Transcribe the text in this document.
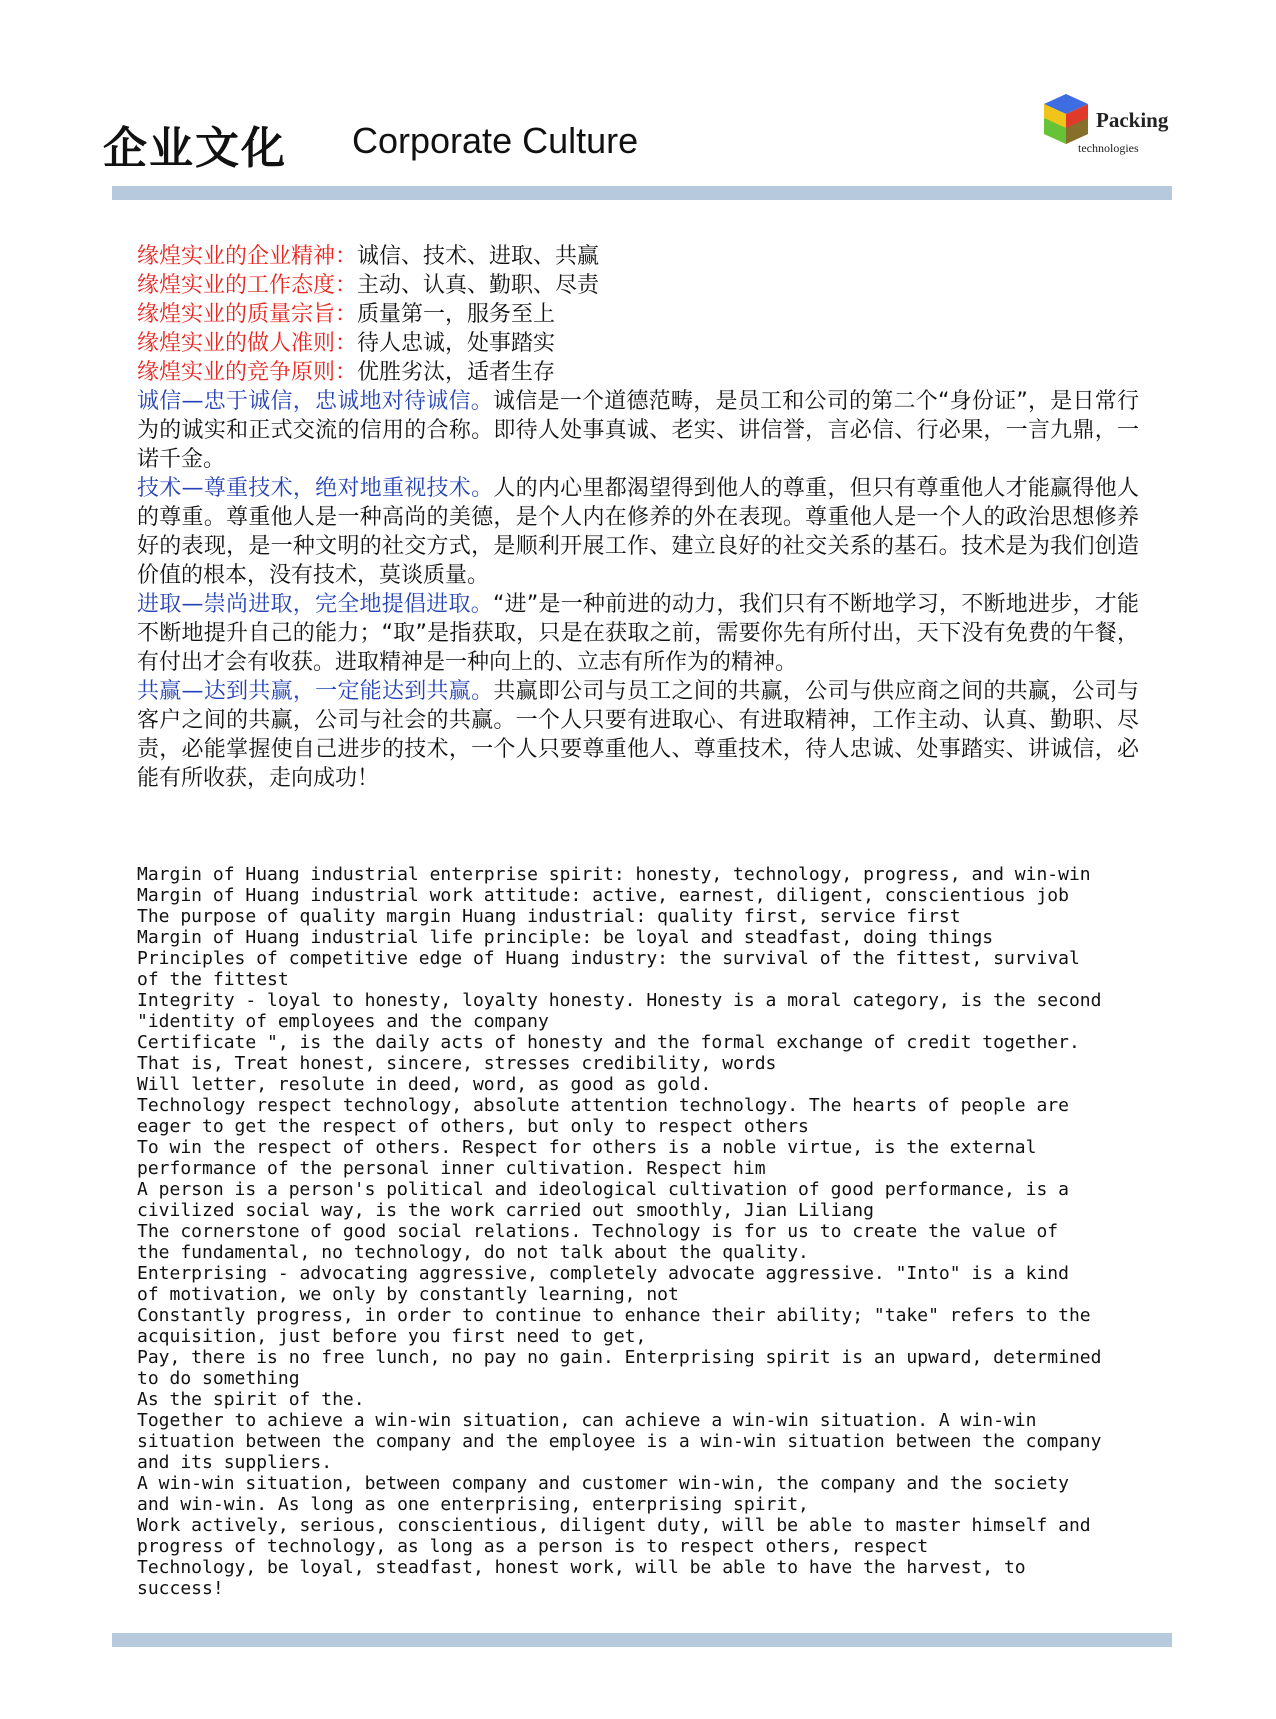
企业文化 Corporate Culture	Packing
technologies
缘煌实业的企业精神：诚信、技术、进取、共赢
缘煌实业的工作态度：主动、认真、勤职、尽责
缘煌实业的质量宗旨：质量第一，服务至上
缘煌实业的做人准则：待人忠诚，处事踏实
缘煌实业的竞争原则：优胜劣汰，适者生存
诚信—忠于诚信，忠诚地对待诚信。诚信是一个道德范畴，是员工和公司的第二个“身份证”，是日常行为的诚实和正式交流的信用的合称。即待人处事真诚、老实、讲信誉，言必信、行必果，一言九鼎，一诺千金。
技术—尊重技术，绝对地重视技术。人的内心里都渴望得到他人的尊重，但只有尊重他人才能赢得他人的尊重。尊重他人是一种高尚的美德，是个人内在修养的外在表现。尊重他人是一个人的政治思想修养好的表现，是一种文明的社交方式，是顺利开展工作、建立良好的社交关系的基石。技术是为我们创造价值的根本，没有技术，莫谈质量。
进取—崇尚进取，完全地提倡进取。“进”是一种前进的动力，我们只有不断地学习，不断地进步，才能不断地提升自己的能力；“取”是指获取，只是在获取之前，需要你先有所付出，天下没有免费的午餐，有付出才会有收获。进取精神是一种向上的、立志有所作为的精神。
共赢—达到共赢，一定能达到共赢。共赢即公司与员工之间的共赢，公司与供应商之间的共赢，公司与客户之间的共赢，公司与社会的共赢。一个人只要有进取心、有进取精神，工作主动、认真、勤职、尽责，必能掌握使自己进步的技术，一个人只要尊重他人、尊重技术，待人忠诚、处事踏实、讲诚信，必能有所收获，走向成功！
Margin of Huang industrial enterprise spirit: honesty, technology, progress, and win-win
Margin of Huang industrial work attitude: active, earnest, diligent, conscientious job
The purpose of quality margin Huang industrial: quality first, service first
Margin of Huang industrial life principle: be loyal and steadfast, doing things
Principles of competitive edge of Huang industry: the survival of the fittest, survival
of the fittest
Integrity - loyal to honesty, loyalty honesty. Honesty is a moral category, is the second
"identity of employees and the company
Certificate ", is the daily acts of honesty and the formal exchange of credit together.
That is, Treat honest, sincere, stresses credibility, words
Will letter, resolute in deed, word, as good as gold.
Technology respect technology, absolute attention technology. The hearts of people are
eager to get the respect of others, but only to respect others
To win the respect of others. Respect for others is a noble virtue, is the external
performance of the personal inner cultivation. Respect him
A person is a person's political and ideological cultivation of good performance, is a
civilized social way, is the work carried out smoothly, Jian Liliang
The cornerstone of good social relations. Technology is for us to create the value of
the fundamental, no technology, do not talk about the quality.
Enterprising - advocating aggressive, completely advocate aggressive. "Into" is a kind
of motivation, we only by constantly learning, not
Constantly progress, in order to continue to enhance their ability; "take" refers to the
acquisition, just before you first need to get,
Pay, there is no free lunch, no pay no gain. Enterprising spirit is an upward, determined
to do something
As the spirit of the.
Together to achieve a win-win situation, can achieve a win-win situation. A win-win
situation between the company and the employee is a win-win situation between the company
and its suppliers.
A win-win situation, between company and customer win-win, the company and the society
and win-win. As long as one enterprising, enterprising spirit,
Work actively, serious, conscientious, diligent duty, will be able to master himself and
progress of technology, as long as a person is to respect others, respect
Technology, be loyal, steadfast, honest work, will be able to have the harvest, to
success!
